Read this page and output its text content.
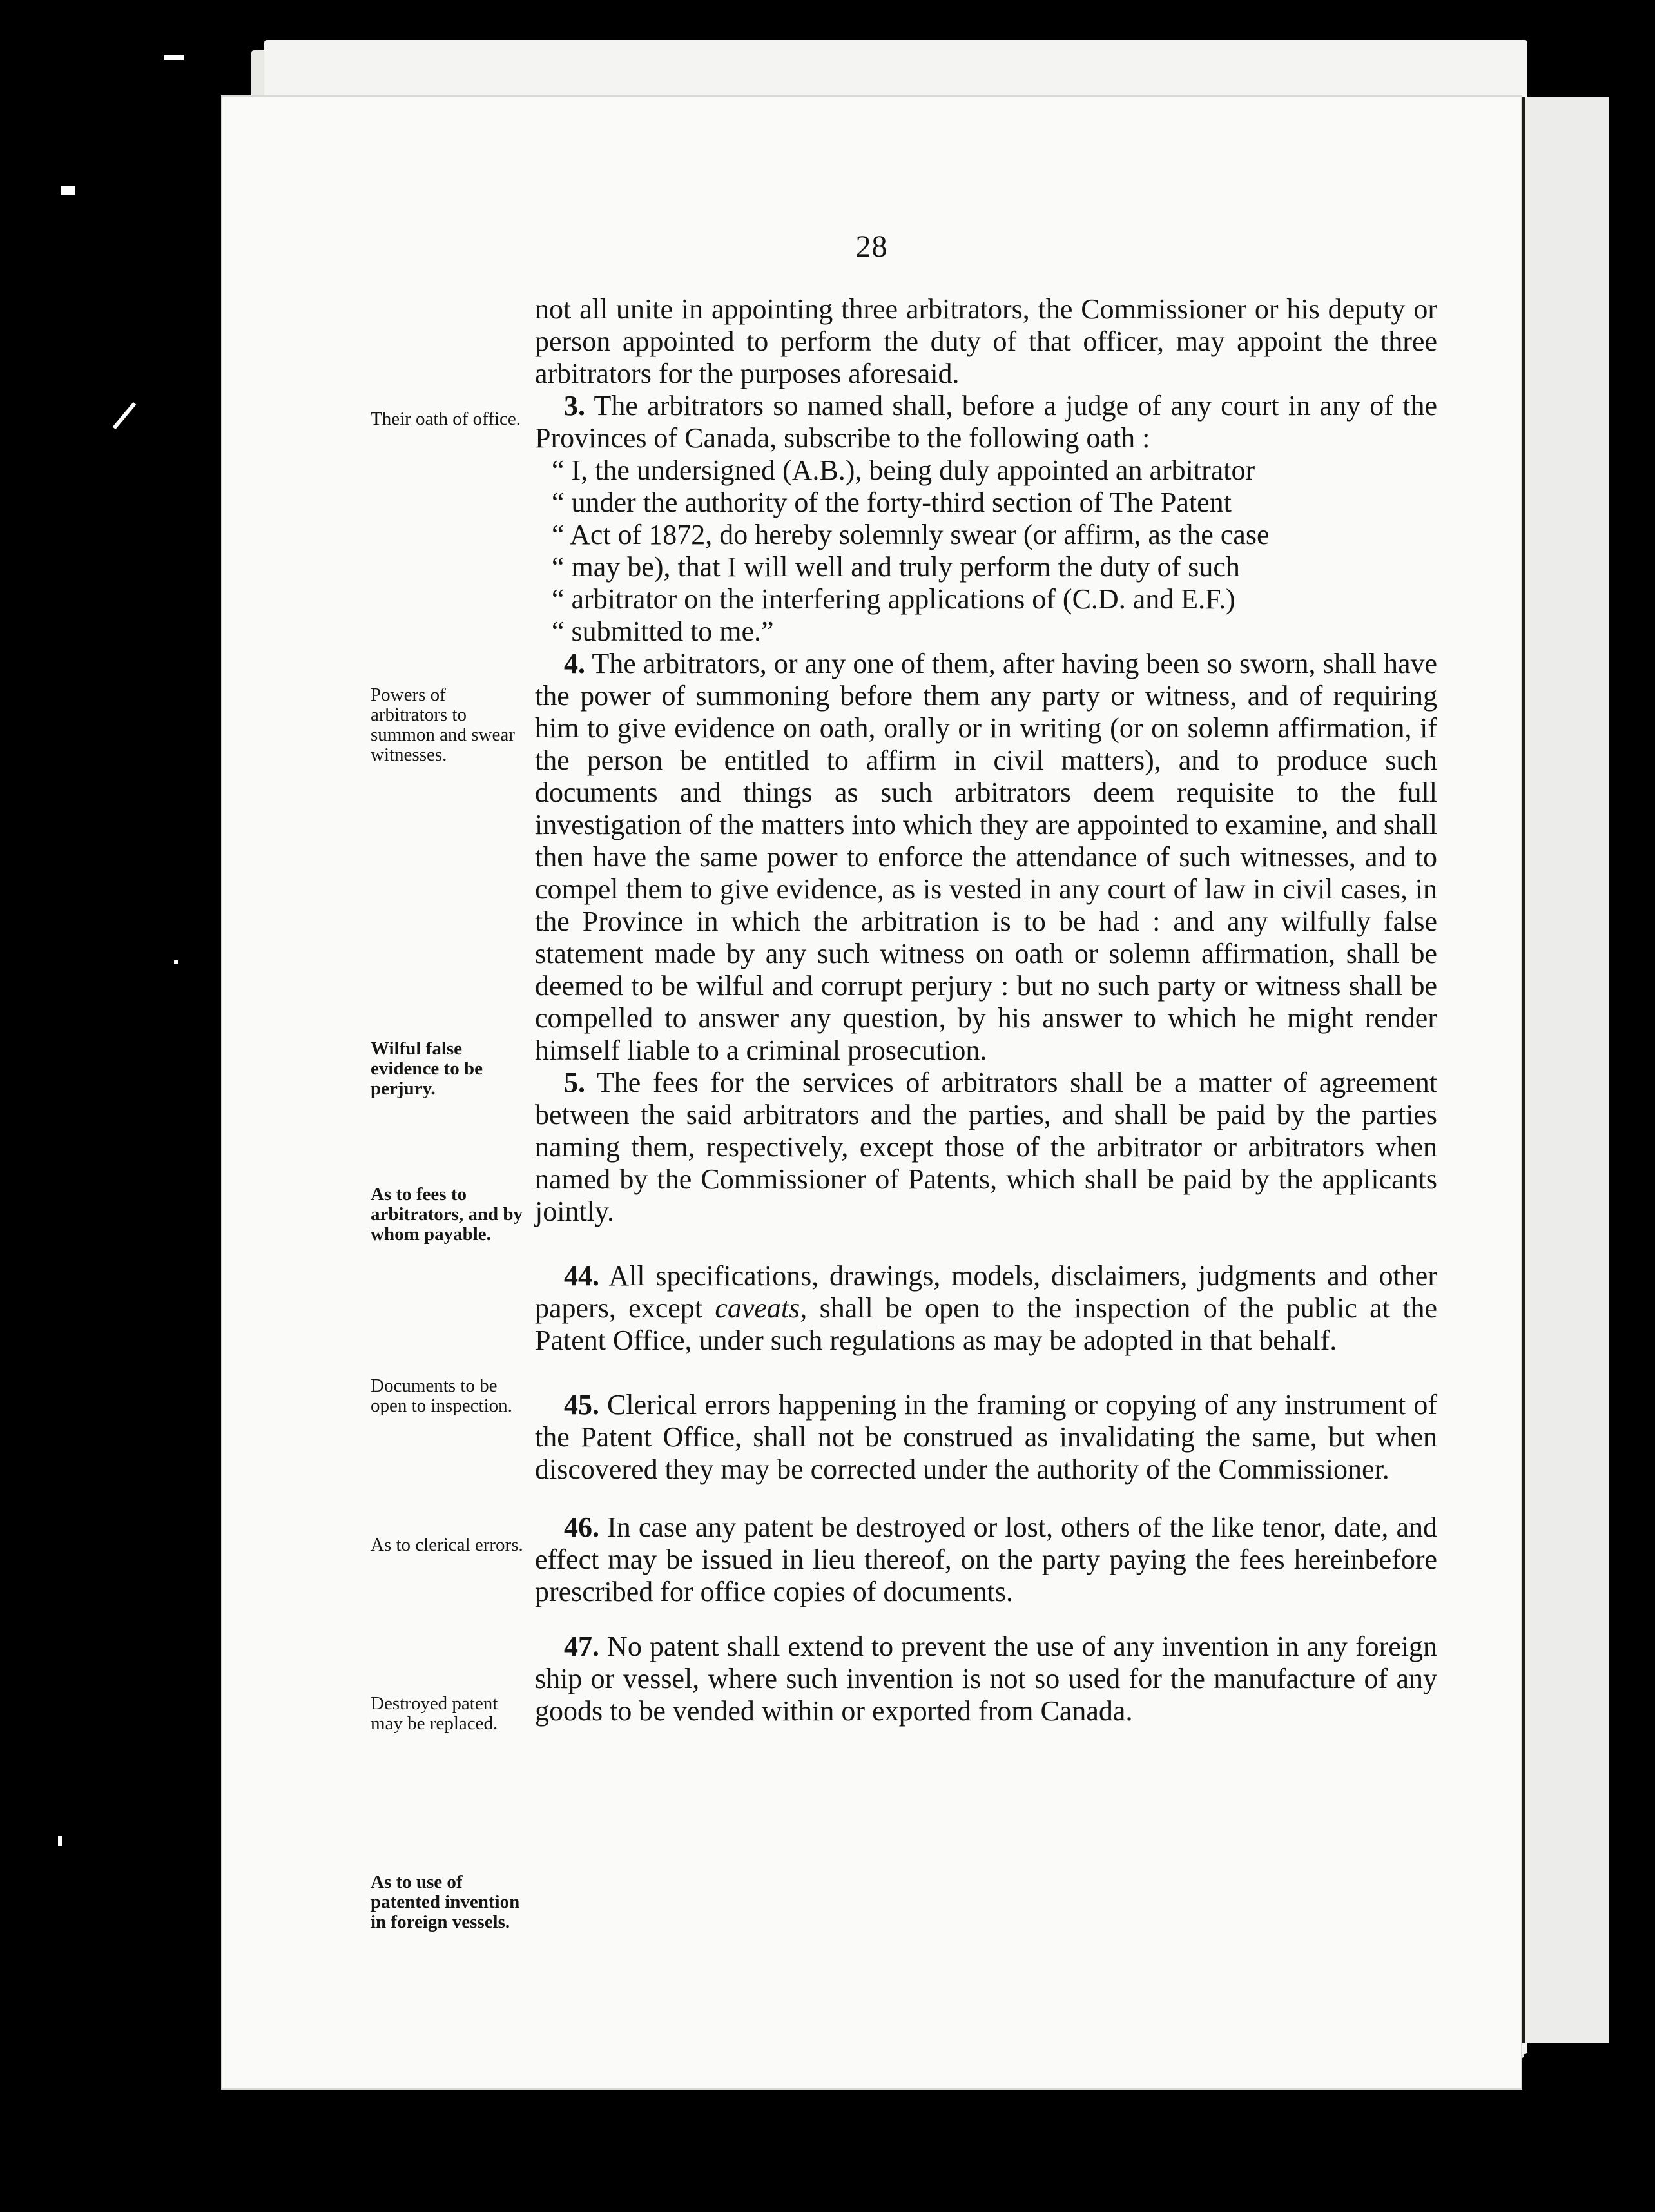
28

not all unite in appointing three arbitrators, the Commissioner or his deputy or person appointed to perform the duty of that officer, may appoint the three arbitrators for the purposes aforesaid.

3. The arbitrators so named shall, before a judge of any court in any of the Provinces of Canada, subscribe to the following oath :

“ I, the undersigned (A.B.), being duly appointed an arbitrator
“ under the authority of the forty-third section of The Patent
“ Act of 1872, do hereby solemnly swear (or affirm, as the case
“ may be), that I will well and truly perform the duty of such
“ arbitrator on the interfering applications of (C.D. and E.F.)
“ submitted to me.”

4. The arbitrators, or any one of them, after having been so sworn, shall have the power of summoning before them any party or witness, and of requiring him to give evidence on oath, orally or in writing (or on solemn affirmation, if the person be entitled to affirm in civil matters), and to produce such documents and things as such arbitrators deem requisite to the full investigation of the matters into which they are appointed to examine, and shall then have the same power to enforce the attendance of such witnesses, and to compel them to give evidence, as is vested in any court of law in civil cases, in the Province in which the arbitration is to be had : and any wilfully false statement made by any such witness on oath or solemn affirmation, shall be deemed to be wilful and corrupt perjury : but no such party or witness shall be compelled to answer any question, by his answer to which he might render himself liable to a criminal prosecution.

5. The fees for the services of arbitrators shall be a matter of agreement between the said arbitrators and the parties, and shall be paid by the parties naming them, respectively, except those of the arbitrator or arbitrators when named by the Commissioner of Patents, which shall be paid by the applicants jointly.

44. All specifications, drawings, models, disclaimers, judgments and other papers, except caveats, shall be open to the inspection of the public at the Patent Office, under such regulations as may be adopted in that behalf.

45. Clerical errors happening in the framing or copying of any instrument of the Patent Office, shall not be construed as invalidating the same, but when discovered they may be corrected under the authority of the Commissioner.

46. In case any patent be destroyed or lost, others of the like tenor, date, and effect may be issued in lieu thereof, on the party paying the fees hereinbefore prescribed for office copies of documents.

47. No patent shall extend to prevent the use of any invention in any foreign ship or vessel, where such invention is not so used for the manufacture of any goods to be vended within or exported from Canada.

Their oath of office.
Powers of arbitrators to summon and swear witnesses.
Wilful false evidence to be perjury.
As to fees to arbitrators, and by whom payable.
Documents to be open to inspection.
As to clerical errors.
Destroyed patent may be replaced.
As to use of patented invention in foreign vessels.
